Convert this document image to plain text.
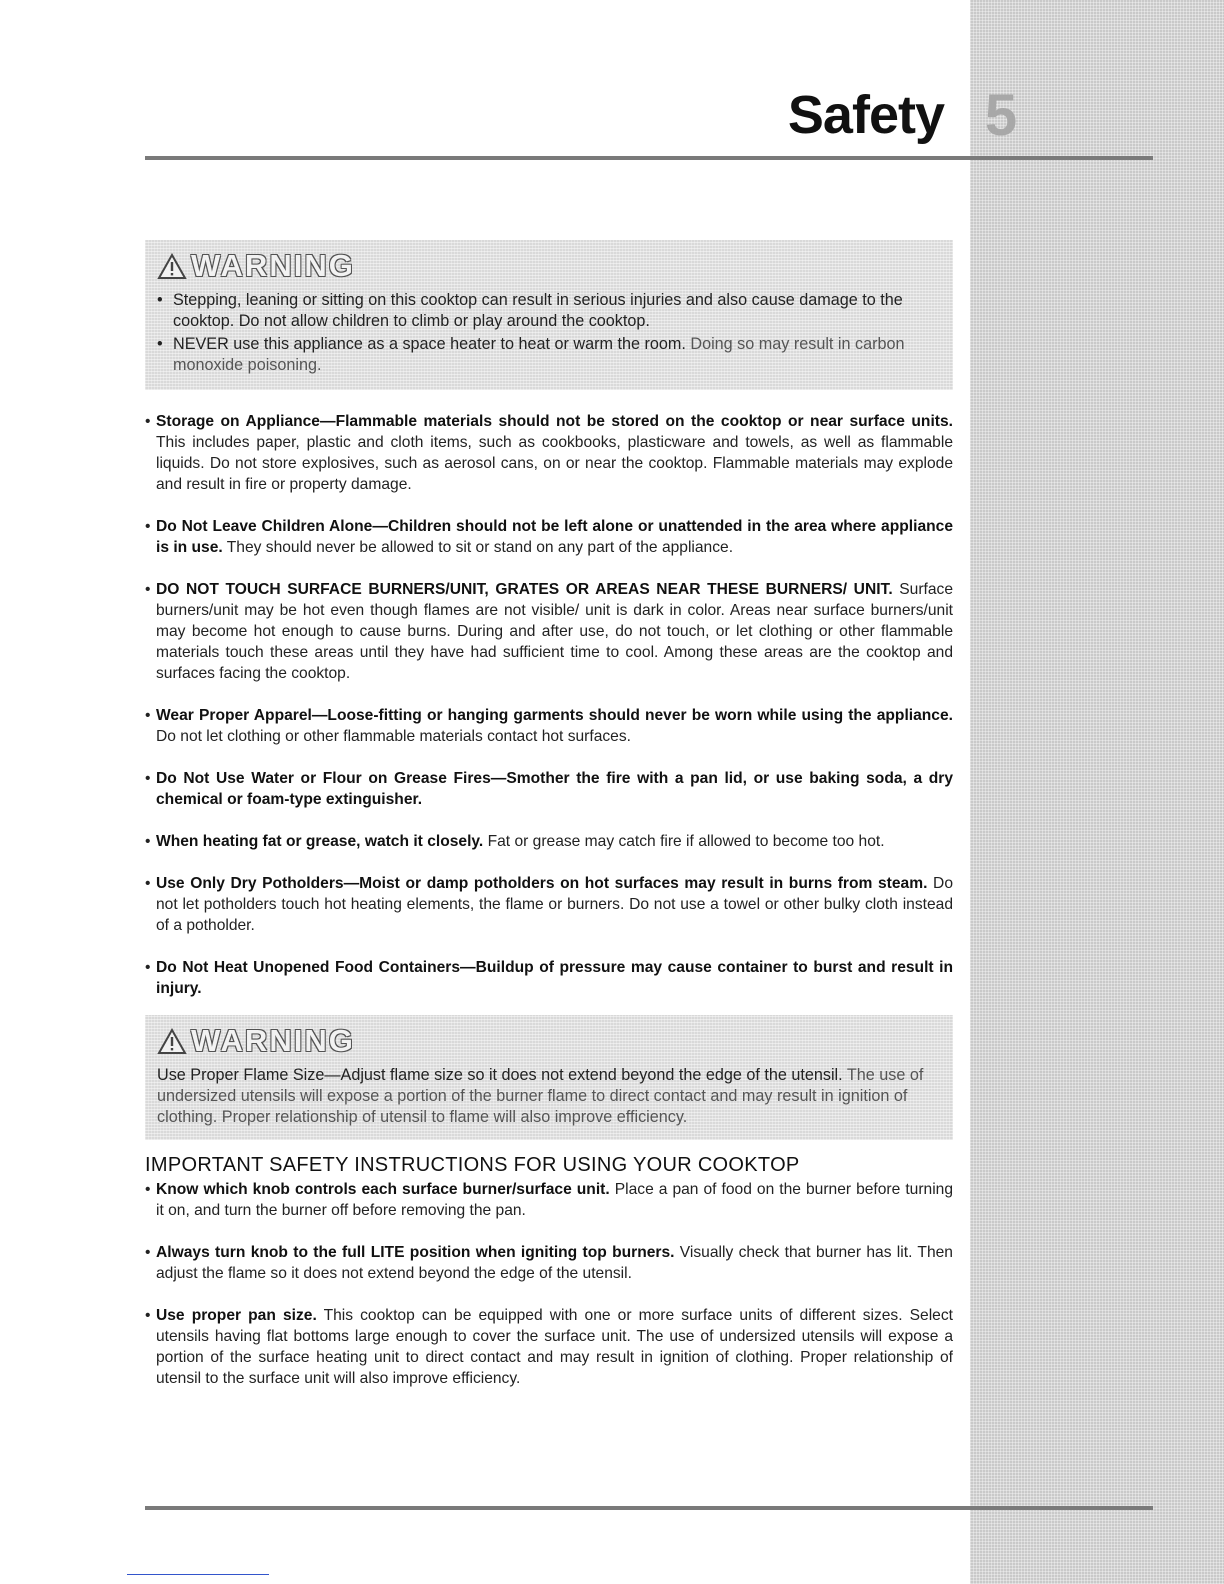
Safety 5
WARNING
• Stepping, leaning or sitting on this cooktop can result in serious injuries and also cause damage to the cooktop. Do not allow children to climb or play around the cooktop.
• NEVER use this appliance as a space heater to heat or warm the room. Doing so may result in carbon monoxide poisoning.
• Storage on Appliance—Flammable materials should not be stored on the cooktop or near surface units. This includes paper, plastic and cloth items, such as cookbooks, plasticware and towels, as well as flammable liquids. Do not store explosives, such as aerosol cans, on or near the cooktop. Flammable materials may explode and result in fire or property damage.
• Do Not Leave Children Alone—Children should not be left alone or unattended in the area where appliance is in use. They should never be allowed to sit or stand on any part of the appliance.
• DO NOT TOUCH SURFACE BURNERS/UNIT, GRATES OR AREAS NEAR THESE BURNERS/ UNIT. Surface burners/unit may be hot even though flames are not visible/ unit is dark in color. Areas near surface burners/unit may become hot enough to cause burns. During and after use, do not touch, or let clothing or other flammable materials touch these areas until they have had sufficient time to cool. Among these areas are the cooktop and surfaces facing the cooktop.
• Wear Proper Apparel—Loose-fitting or hanging garments should never be worn while using the appliance. Do not let clothing or other flammable materials contact hot surfaces.
• Do Not Use Water or Flour on Grease Fires—Smother the fire with a pan lid, or use baking soda, a dry chemical or foam-type extinguisher.
• When heating fat or grease, watch it closely. Fat or grease may catch fire if allowed to become too hot.
• Use Only Dry Potholders—Moist or damp potholders on hot surfaces may result in burns from steam. Do not let potholders touch hot heating elements, the flame or burners. Do not use a towel or other bulky cloth instead of a potholder.
• Do Not Heat Unopened Food Containers—Buildup of pressure may cause container to burst and result in injury.
WARNING

Use Proper Flame Size—Adjust flame size so it does not extend beyond the edge of the utensil. The use of undersized utensils will expose a portion of the burner flame to direct contact and may result in ignition of clothing. Proper relationship of utensil to flame will also improve efficiency.

IMPORTANT SAFETY INSTRUCTIONS FOR USING YOUR COOKTOP
• Know which knob controls each surface burner/surface unit. Place a pan of food on the burner before turning it on, and turn the burner off before removing the pan.
• Always turn knob to the full LITE position when igniting top burners. Visually check that burner has lit. Then adjust the flame so it does not extend beyond the edge of the utensil.
• Use proper pan size. This cooktop can be equipped with one or more surface units of different sizes. Select utensils having flat bottoms large enough to cover the surface unit. The use of undersized utensils will expose a portion of the surface heating unit to direct contact and may result in ignition of clothing. Proper relationship of utensil to the surface unit will also improve efficiency.
